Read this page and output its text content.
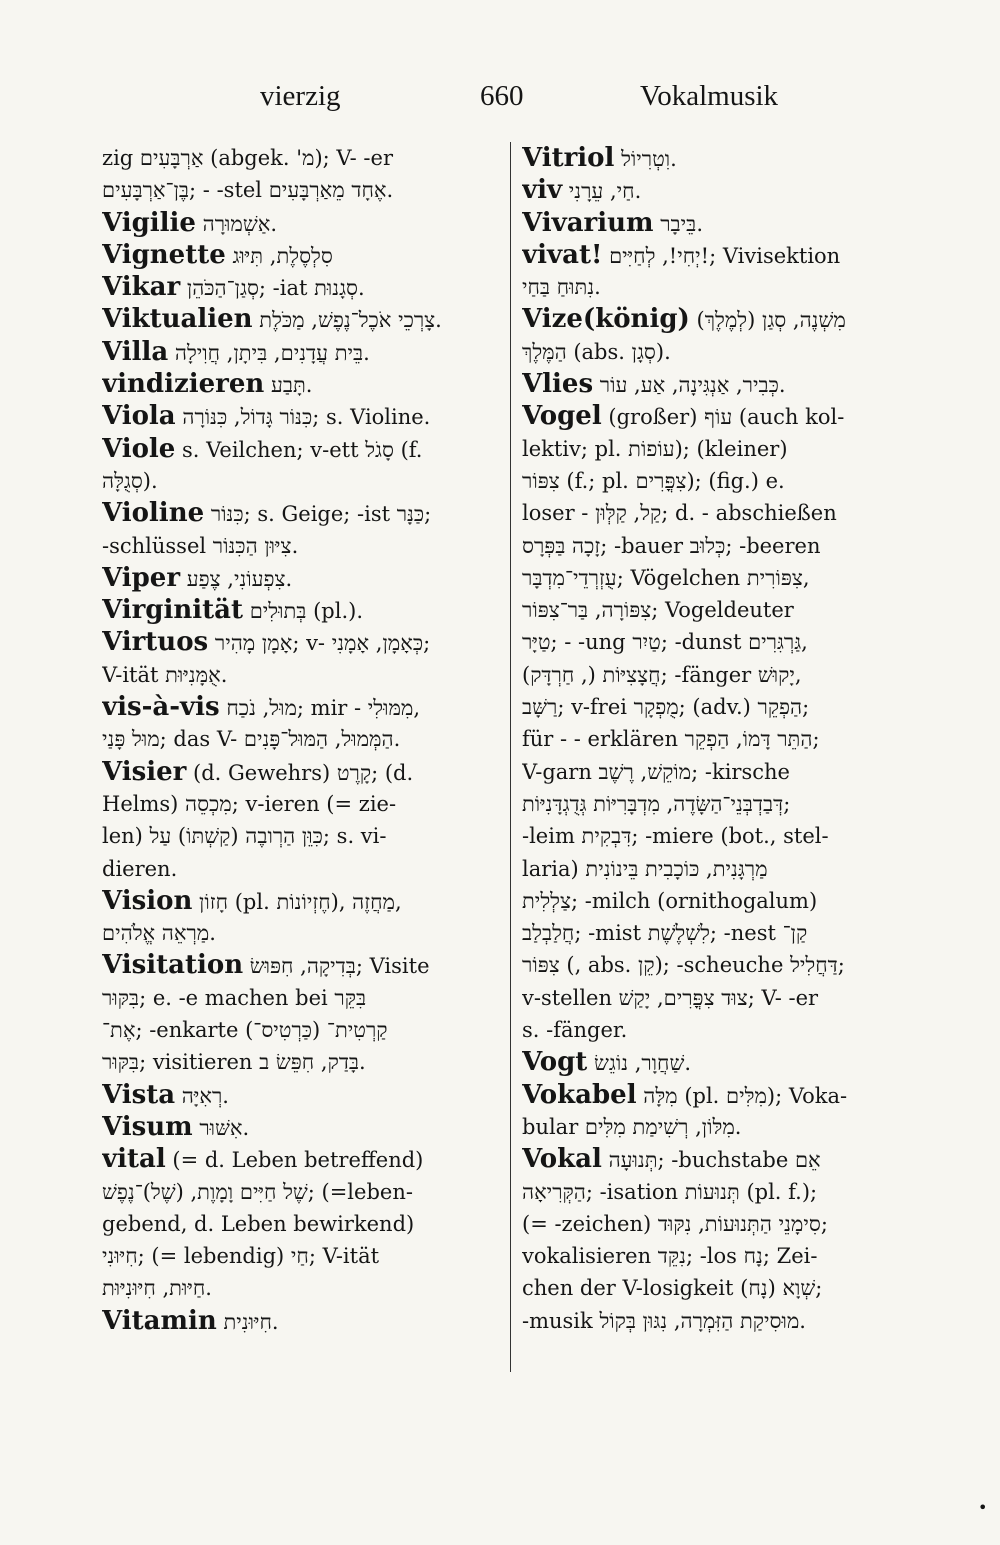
vierzig	660	Vokalmusik
zig אַרְבָּעִים (abgek. 'מ); V- -er
בֶּן־אַרְבָּעִים; - -stel אֶחָד מֵאַרְבָּעִים.
Vigilie אַשְׁמוּרָה.
Vignette סִלְסֶלֶת, תִּיּוּג
Vikar סְגַן־הַכֹּהֵן; -iat סְגָנוּת.
Viktualien צָרְכֵי אֹכֶל־נֶפֶשׁ, מַכֹּלֶת.
Villa בֵּית עֲדָנִים, בִּיתָן, חֲוִילָה.
vindizieren תָּבַע.
Viola כִּנּוֹר גָּדוֹל, כִּנּוֹרָה; s. Violine.
Viole s. Veilchen; v-ett סָגֹל (f.
סְגֻלָּה).
Violine כִּנּוֹר; s. Geige; -ist כַּנָּר;
-schlüssel צִיּוּן הַכִּנּוֹר.
Viper צִפְעוֹנִי, צֶפַע.
Virginität בְּתוּלִים (pl.).
Virtuos אָמָן מָהִיר; v- כְּאָמָן, אָמָנִי;
V-ität אֻמָּנִיּוּת.
vis-à-vis מוּל, נֹכַח; mir - מִמּוּלִי,
מוּל פָּנַי; das V- הַמְּמוּל, הַמּוּל־פָּנִים.
Visier (d. Gewehrs) קָרֶט; (d.
Helms) מִכְסֵה; v-ieren (= zie-
len) כִּוֵּן הַרְובֶה (קַשְׁתּוֹ) עַל; s. vi-
dieren.
Vision חָזוֹן (pl. חֶזְיוֹנוֹת), מַחֲזֶה,
מַרְאֵה אֱלֹהִים.
Visitation בְּדִיקָה, חִפּוּשׂ; Visite
בִּקּוּר; e. -e machen bei בִּקֵּר
אֶת־; -enkarte (כַּרְטִיס־) קַרְטִית־
בִּקּוּר; visitieren בָּדַק, חִפֵּשׂ ב.
Vista רְאִיָּה.
Visum אִשּׁוּר.
vital (= d. Leben betreffend)
שֶׁל חַיִּים וָמָוֶת, (שֶׁל)־נֶפֶשׁ; (=leben-
gebend, d. Leben bewirkend)
חִיּוּנִי; (= lebendig) חַי; V-ität
חַיּוּת, חִיּוּנִיּוּת.
Vitamin חִיּוּנִית.
Vitriol וִטְרִיוֹל.
viv חַי, עֵרָנִי.
Vivarium בֵּיבָר.
vivat! יְחִי!, לְחַיִּים!; Vivisektion
נִתּוּחַ בַּחַי.
Vize(könig) (לְמֶלֶךְ) מִשְׁנֶה, סְגַן
הַמֶּלֶךְ (abs. סְגָן).
Vlies כְּבִיר, אַנְגִּינָה, אַע, עוֹר.
Vogel (großer) עוֹף (auch kol-
lektiv; pl. עוֹפוֹת); (kleiner)
צִפּוֹר (f.; pl. צִפֳּרִים); (fig.) e.
loser - קַל, קַלְּוּן; d. - abschießen
זָכָה בַּפְּרָס; -bauer כְּלוּב; -beeren
עֻזְרְדֵי־מִדְבָּר; Vögelchen צִפּוֹרִית,
צִפּוֹרָה, בַּר־צִפּוֹר; Vogeldeuter
טַיָּר; - -ung טַיִר; -dunst גַּרְגִּרִים,
חֲצָצִיּוֹת (, חַרְדָּק); -fänger יָקוּשׁ,
רַשָּׁב; v-frei מֻפְקָר; (adv.) הַפְקֵר;
für - - erklären הַתֵּר דָּמוֹ, הַפְקֵר;
V-garn מוֹקֵשׁ, רֶשֶׁב; -kirsche
דְּבַדְבְּנֵי־הַשָּׂדֶה, מִדְבָּרִיּוֹת גְּדֻגְדָּנִיּוֹת;
-leim דִּבְקִית; -miere (bot., stel-
laria) מַרְגָּנִית, כּוֹכָבִית בֵּינוֹנִית
צַלְלִית; -milch (ornithogalum)
חֲלַבְלַב; -mist לִשְׁלֶשֶׁת; -nest קַן־
צִפּוֹר (, abs. קֵן); -scheuche דַּחֲלִיל;
v-stellen צוּד צִפֳּרִים, יָקַשׁ; V- -er
s. -fänger.
Vogt שַׁחֲוָר, נוֹגֵשׂ.
Vokabel מִלָּה (pl. מִלִּים); Voka-
bular מִלּוֹן, רְשִׁימַת מִלִּים.
Vokal תְּנוּעָה; -buchstabe אֵם
הַקְּרִיאָה; -isation תְּנוּעוֹת (pl. f.);
(= -zeichen) סִימָנֵי הַתְּנוּעוֹת, נִקּוּד;
vokalisieren נִקֵּד; -los נָח; Zei-
chen der V-losigkeit (נָח) שְׁוָא;
-musik מוּסִיקַת הַזִּמְרָה, נִגּוּן בְּקוֹל.
•
